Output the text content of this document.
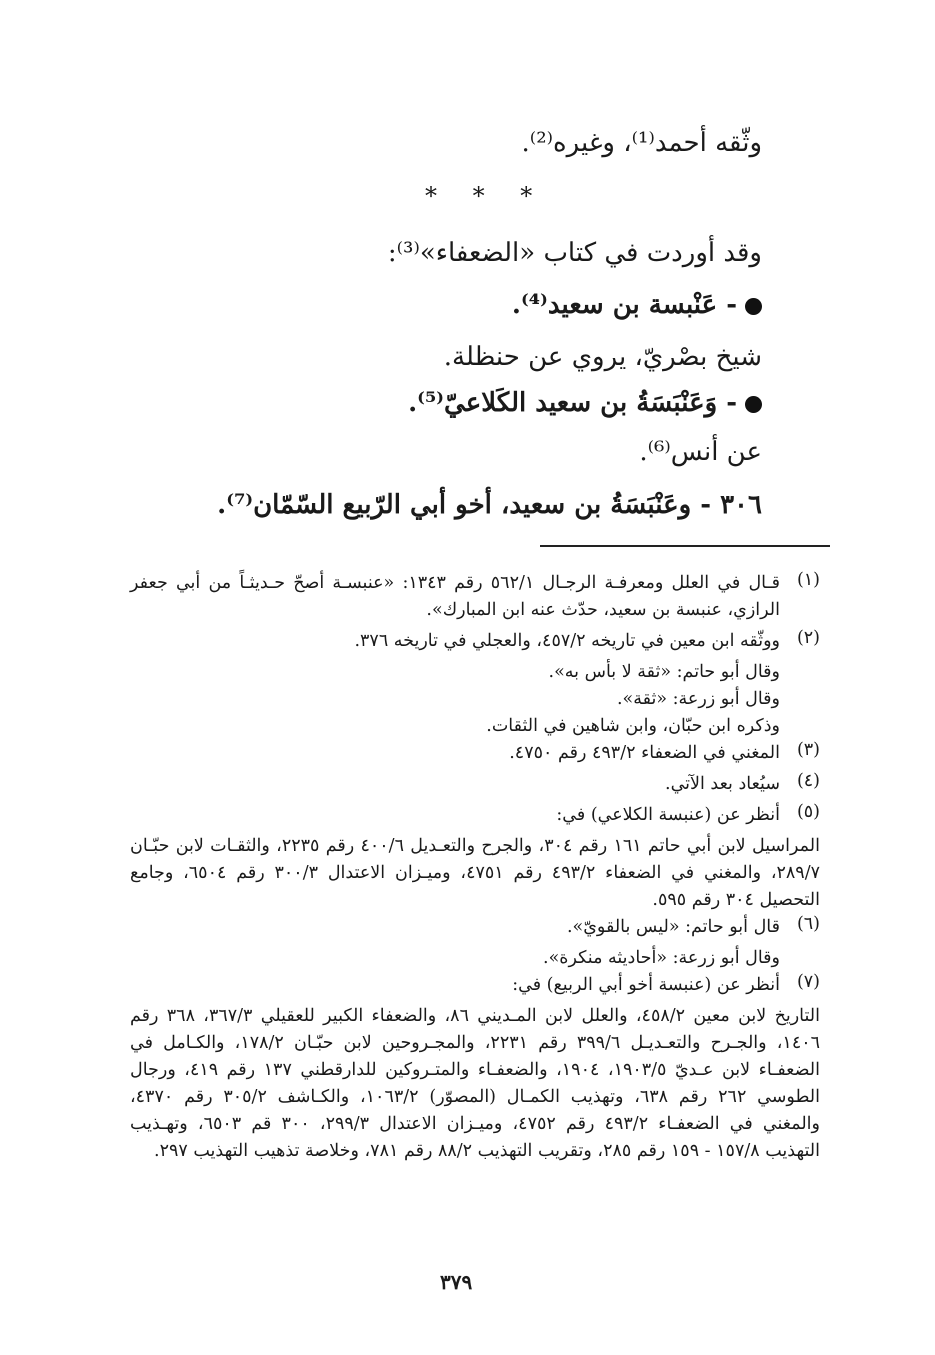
وثّقه أحمد⁽¹⁾، وغيره⁽²⁾.
* * *
وقد أوردت في كتاب «الضعفاء»⁽³⁾:
- عَنْبسة بن سعيد⁽⁴⁾.
شيخ بصْريّ، يروي عن حنظلة.
- وَعَنْبَسَةُ بن سعيد الكَلاعيّ⁽⁵⁾.
عن أنس⁽⁶⁾.
٣٠٦ - وعَنْبَسَةُ بن سعيد، أخو أبي الرّبيع السّمّان⁽⁷⁾.
(١)
قـال في العلل ومعرفـة الرجـال ٥٦٢/١ رقم ١٣٤٣: «عنبسـة أصحّ حـديثـاً من أبي جعفر الرازي، عنبسة بن سعيد، حدّث عنه ابن المبارك».
(٢)
ووثّقه ابن معين في تاريخه ٤٥٧/٢، والعجلي في تاريخه ٣٧٦.
وقال أبو حاتم: «ثقة لا بأس به».
وقال أبو زرعة: «ثقة».
وذكره ابن حبّان، وابن شاهين في الثقات.
(٣)
المغني في الضعفاء ٤٩٣/٢ رقم ٤٧٥٠.
(٤)
سيُعاد بعد الآتي.
(٥)
أنظر عن (عنبسة الكلاعي) في:
المراسيل لابن أبي حاتم ١٦١ رقم ٣٠٤، والجرح والتعـديل ٤٠٠/٦ رقم ٢٢٣٥، والثقـات لابن حبّـان ٢٨٩/٧، والمغني في الضعفاء ٤٩٣/٢ رقم ٤٧٥١، وميـزان الاعتدال ٣٠٠/٣ رقم ٦٥٠٤، وجامع التحصيل ٣٠٤ رقم ٥٩٥.
(٦)
قال أبو حاتم: «ليس بالقويّ».
وقال أبو زرعة: «أحاديثه منكرة».
(٧)
أنظر عن (عنبسة أخو أبي الربيع) في:
التاريخ لابن معين ٤٥٨/٢، والعلل لابن المـديني ٨٦، والضعفاء الكبير للعقيلي ٣٦٧/٣، ٣٦٨ رقم ١٤٠٦، والجـرح والتعـديـل ٣٩٩/٦ رقم ٢٢٣١، والمجـروحين لابن حبّـان ١٧٨/٢، والكـامل في الضعفـاء لابن عـديّ ١٩٠٣/٥، ١٩٠٤، والضعفـاء والمتـروكين للدارقطني ١٣٧ رقم ٤١٩، ورجال الطوسي ٢٦٢ رقم ٦٣٨، وتهذيب الكمـال (المصوّر) ١٠٦٣/٢، والكـاشف ٣٠٥/٢ رقم ٤٣٧٠، والمغني في الضعفـاء ٤٩٣/٢ رقم ٤٧٥٢، وميـزان الاعتدال ٢٩٩/٣، ٣٠٠ قم ٦٥٠٣، وتهـذيب التهذيب ١٥٧/٨ - ١٥٩ رقم ٢٨٥، وتقريب التهذيب ٨٨/٢ رقم ٧٨١، وخلاصة تذهيب التهذيب ٢٩٧.
٣٧٩
